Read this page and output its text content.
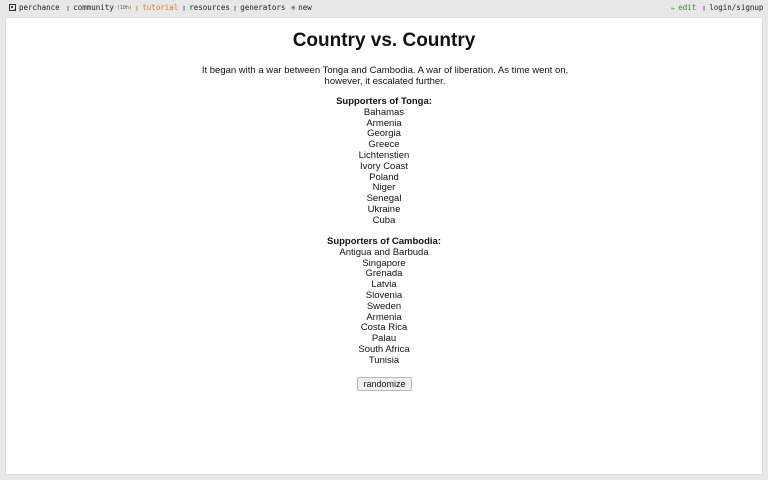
perchance ▯ community (10h) ▯ tutorial ▯ resources ▯ generators ⊕ new	✏ edit ▯ login/signup
Country vs. Country
It began with a war between Tonga and Cambodia. A war of liberation. As time went on,
however, it escalated further.
Supporters of Tonga:
Bahamas
Armenia
Georgia
Greece
Lichtenstien
Ivory Coast
Poland
Niger
Senegal
Ukraine
Cuba
Supporters of Cambodia:
Antigua and Barbuda
Singapore
Grenada
Latvia
Slovenia
Sweden
Armenia
Costa Rica
Palau
South Africa
Tunisia
randomize
